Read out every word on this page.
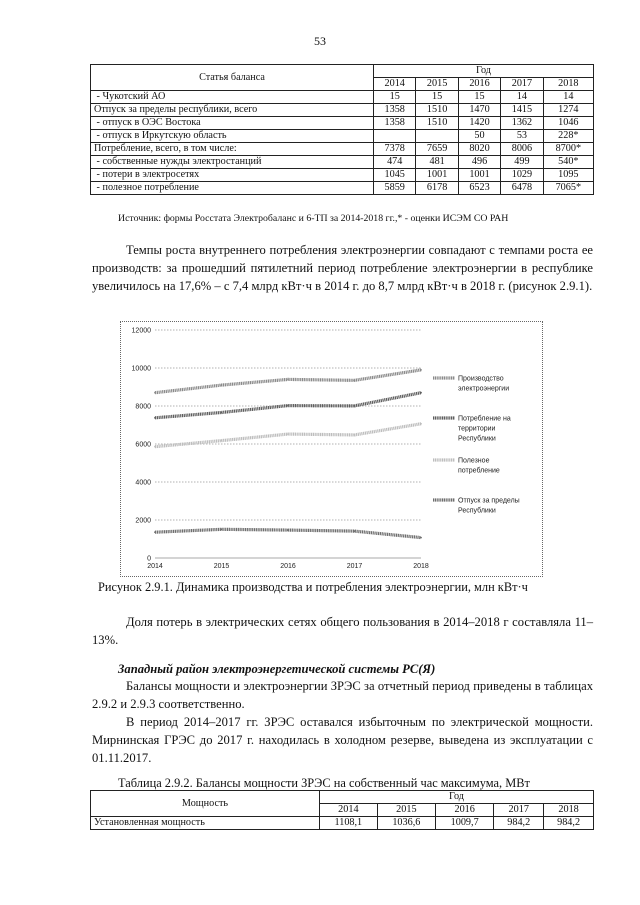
53
Статья баланса	Год				
	2014	2015	2016	2017	2018
- Чукотский АО	15	15	15	14	14
Отпуск за пределы республики, всего	1358	1510	1470	1415	1274
- отпуск в ОЭС Востока	1358	1510	1420	1362	1046
- отпуск в Иркутскую область			50	53	228*
Потребление, всего, в том числе:	7378	7659	8020	8006	8700*
- собственные нужды электростанций	474	481	496	499	540*
- потери в электросетях	1045	1001	1001	1029	1095
- полезное потребление	5859	6178	6523	6478	7065*
Источник: формы Росстата Электробаланс и 6-ТП за 2014-2018 гг.,* - оценки ИСЭМ СО РАН
Темпы роста внутреннего потребления электроэнергии совпадают с темпами роста ее производств: за прошедший пятилетний период потребление электроэнергии в республике увеличилось на 17,6% – с 7,4 млрд кВт·ч в 2014 г. до 8,7 млрд кВт·ч в 2018 г. (рисунок 2.9.1).
0
2000
4000
6000
8000
10000
12000
2014	2015	2016	2017	2018
Производство
электроэнергии
Потребление на
территории
Республики
Полезное
потребление
Отпуск за пределы
Республики
Рисунок 2.9.1. Динамика производства и потребления электроэнергии, млн кВт·ч
Доля потерь в электрических сетях общего пользования в 2014–2018 г составляла 11–13%.
Западный район электроэнергетической системы РС(Я)
Балансы мощности и электроэнергии ЗРЭС за отчетный период приведены в таблицах 2.9.2 и 2.9.3 соответственно.
В период 2014–2017 гг. ЗРЭС оставался избыточным по электрической мощности. Мирнинская ГРЭС до 2017 г. находилась в холодном резерве, выведена из эксплуатации с 01.11.2017.
Таблица 2.9.2. Балансы мощности ЗРЭС на собственный час максимума, МВт
Мощность	Год				
	2014	2015	2016	2017	2018
Установленная мощность	1108,1	1036,6	1009,7	984,2	984,2
